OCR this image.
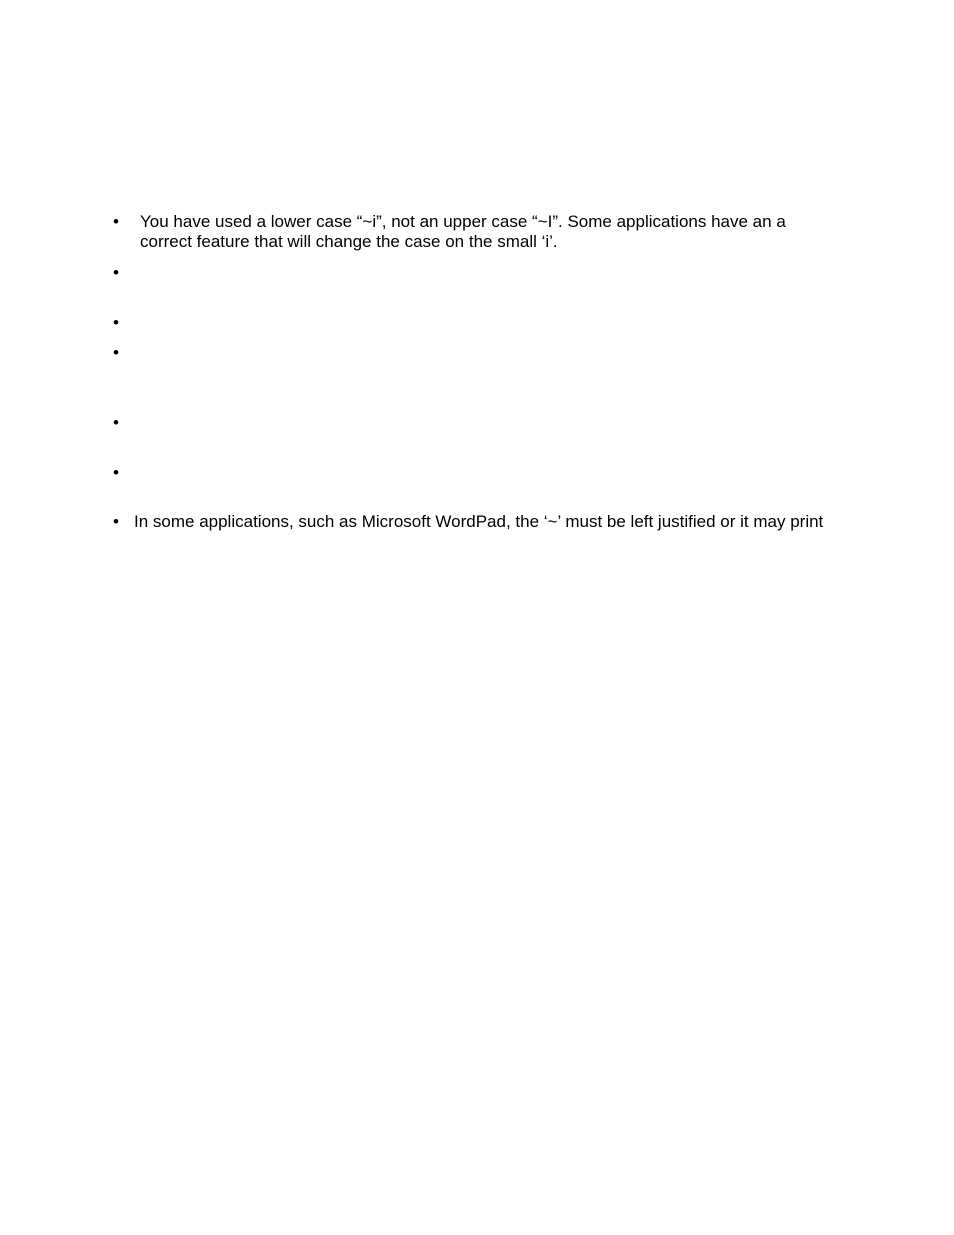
• You have used a lower case “~i”, not an upper case “~I”. Some applications have an a
correct feature that will change the case on the small ‘i’.
•
•
•
•
•
• In some applications, such as Microsoft WordPad, the ‘~’ must be left justified or it may print
